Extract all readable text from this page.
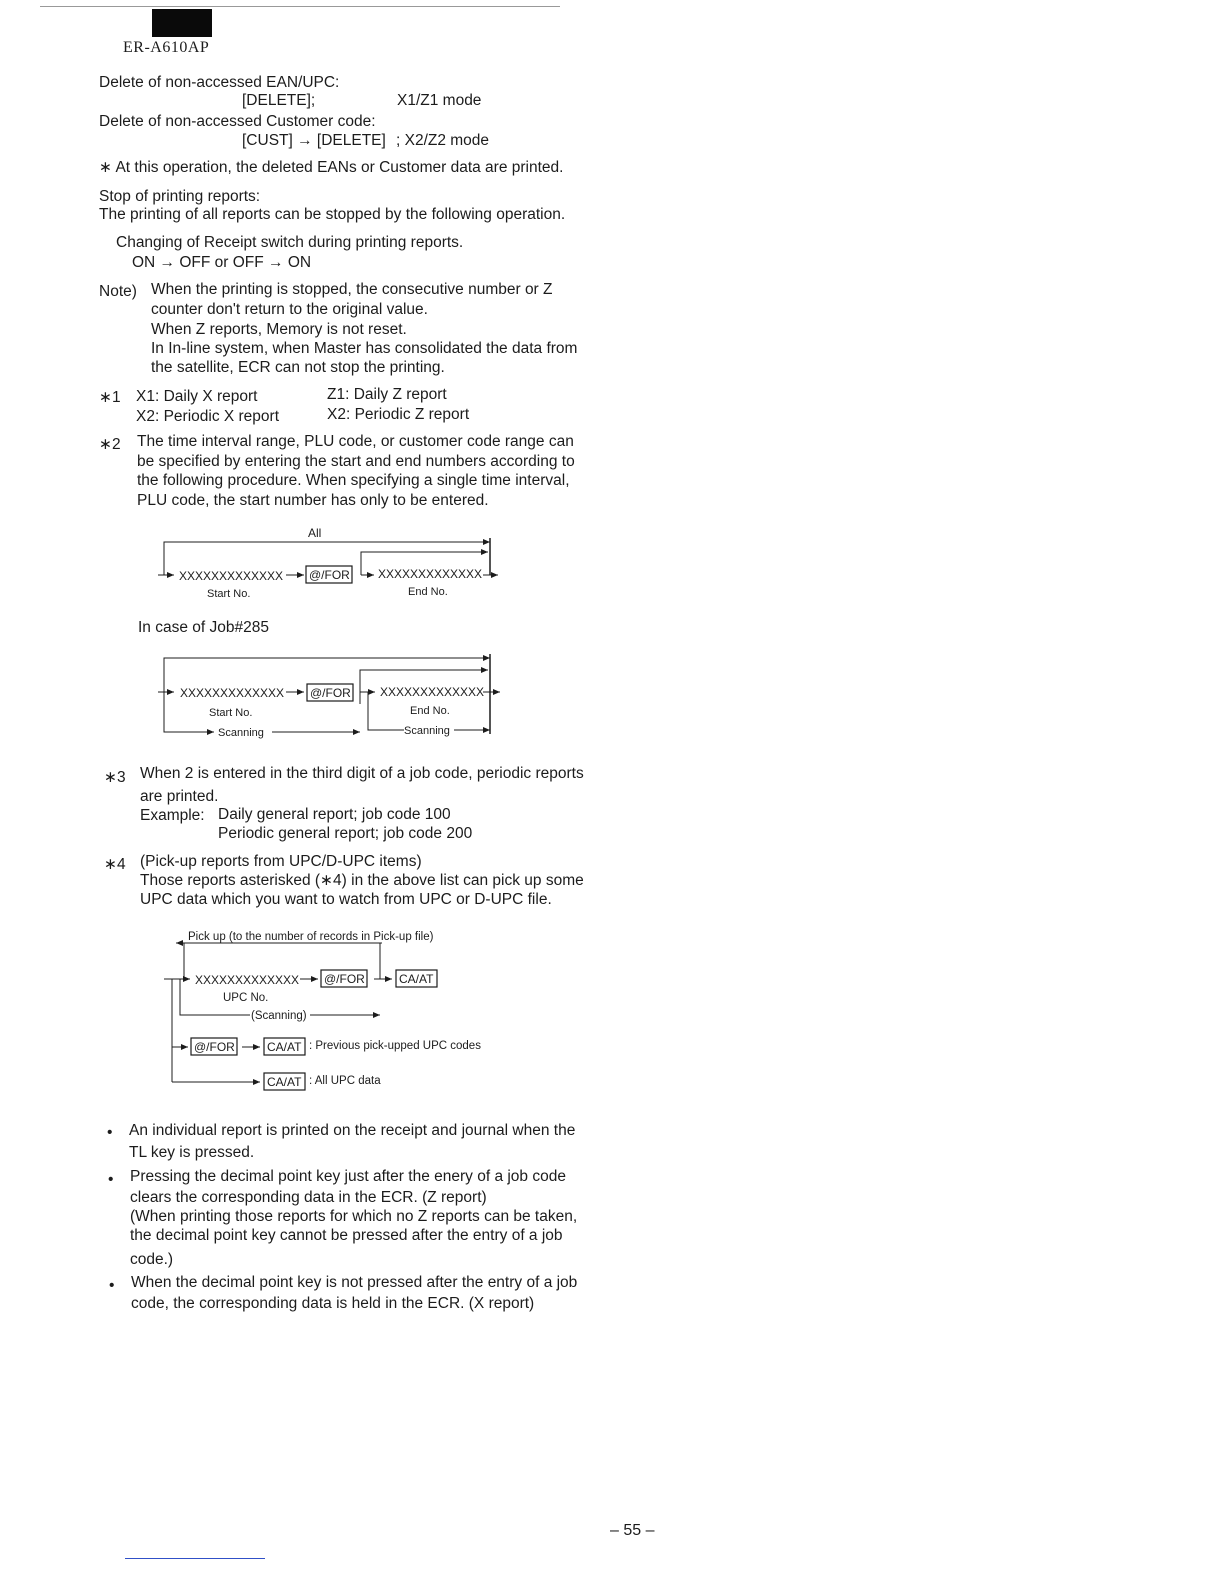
ER-A610AP
Delete of non-accessed EAN/UPC:
[DELETE];	X1/Z1 mode
Delete of non-accessed Customer code:
[CUST] → [DELETE] ; X2/Z2 mode
∗ At this operation, the deleted EANs or Customer data are printed.
Stop of printing reports:
The printing of all reports can be stopped by the following operation.
Changing of Receipt switch during printing reports.
ON → OFF or OFF → ON
Note) When the printing is stopped, the consecutive number or Z
counter don't return to the original value.
When Z reports, Memory is not reset.
In In-line system, when Master has consolidated the data from
the satellite, ECR can not stop the printing.
∗1 X1: Daily X report	Z1: Daily Z report
X2: Periodic X report	X2: Periodic Z report
∗2 The time interval range, PLU code, or customer code range can
be specified by entering the start and end numbers according to
the following procedure. When specifying a single time interval,
PLU code, the start number has only to be entered.
All
XXXXXXXXXXXXX @/FOR XXXXXXXXXXXXX
Start No.	End No.
In case of Job#285
XXXXXXXXXXXXX @/FOR XXXXXXXXXXXXX
Start No.	End No.
Scanning	Scanning
∗3 When 2 is entered in the third digit of a job code, periodic reports
are printed.
Example: Daily general report; job code 100
Periodic general report; job code 200
∗4 (Pick-up reports from UPC/D-UPC items)
Those reports asterisked (∗4) in the above list can pick up some
UPC data which you want to watch from UPC or D-UPC file.
Pick up (to the number of records in Pick-up file)
XXXXXXXXXXXXX @/FOR	CA/AT
UPC No.
(Scanning)
@/FOR	CA/AT : Previous pick-upped UPC codes
CA/AT : All UPC data
• An individual report is printed on the receipt and journal when the
TL key is pressed.
• Pressing the decimal point key just after the enery of a job code
clears the corresponding data in the ECR. (Z report)
(When printing those reports for which no Z reports can be taken,
the decimal point key cannot be pressed after the entry of a job
code.)
• When the decimal point key is not pressed after the entry of a job
code, the corresponding data is held in the ECR. (X report)
– 55 –
